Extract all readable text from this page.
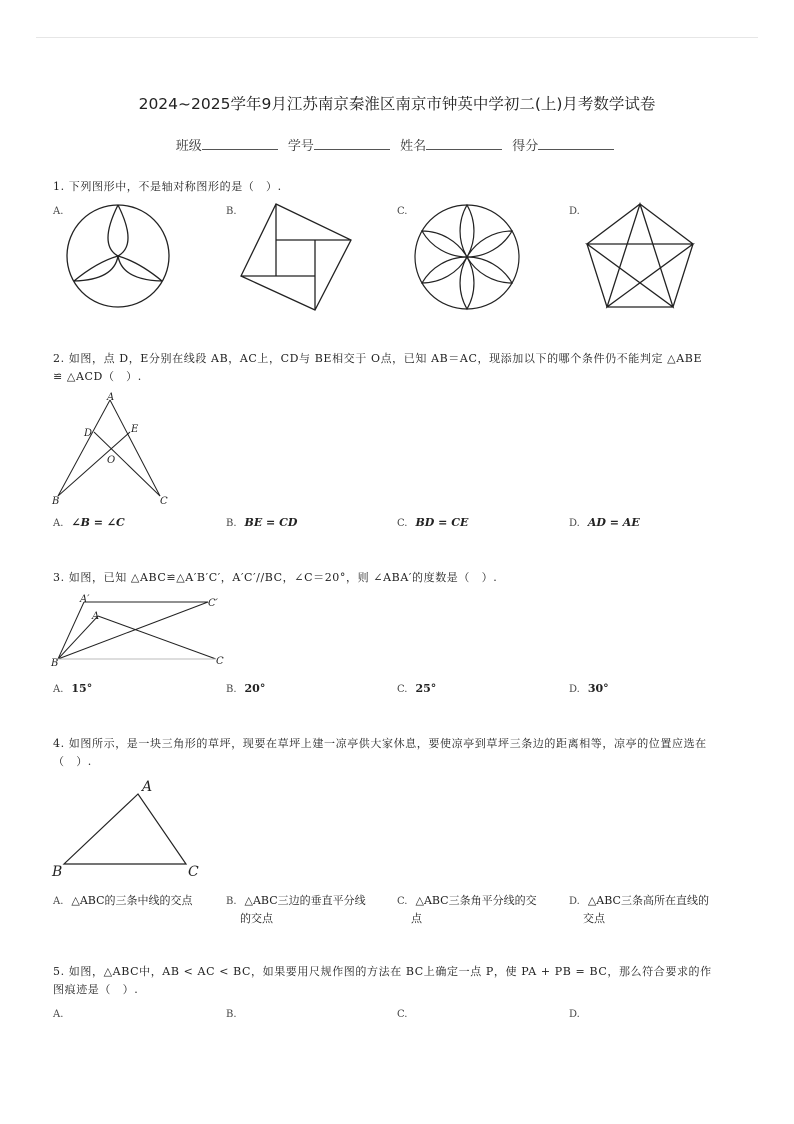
2024~2025学年9月江苏南京秦淮区南京市钟英中学初二(上)月考数学试卷
班级	学号	姓名	得分
1. 下列图形中，不是轴对称图形的是（　）.
A.	B.	C.	D.
2. 如图，点 D，E分别在线段 AB，AC上，CD与 BE相交于 O点，已知 AB＝AC，现添加以下的哪个条件仍不能判定 △ABE
≌ △ACD（　）.
A
D	E
O
B	C
A. ∠B = ∠C	B. BE = CD	C. BD = CE	D. AD = AE
3. 如图，已知 △ABC≌△A′B′C′，A′C′//BC，∠C＝20°，则 ∠ABA′的度数是（　）.
A′	C′
A
B	C
A. 15°	B. 20°	C. 25°	D. 30°
4. 如图所示，是一块三角形的草坪，现要在草坪上建一凉亭供大家休息，要使凉亭到草坪三条边的距离相等，凉亭的位置应选在
（　）.
A
B	C
A. △ABC的三条中线的交点	B. △ABC三边的垂直平分线
的交点
C. △ABC三条角平分线的交
点
D. △ABC三条高所在直线的
交点
5. 如图，△ABC中，AB < AC < BC，如果要用尺规作图的方法在 BC上确定一点 P，使 PA + PB = BC，那么符合要求的作
图痕迹是（　）.
A.	B.	C.	D.
